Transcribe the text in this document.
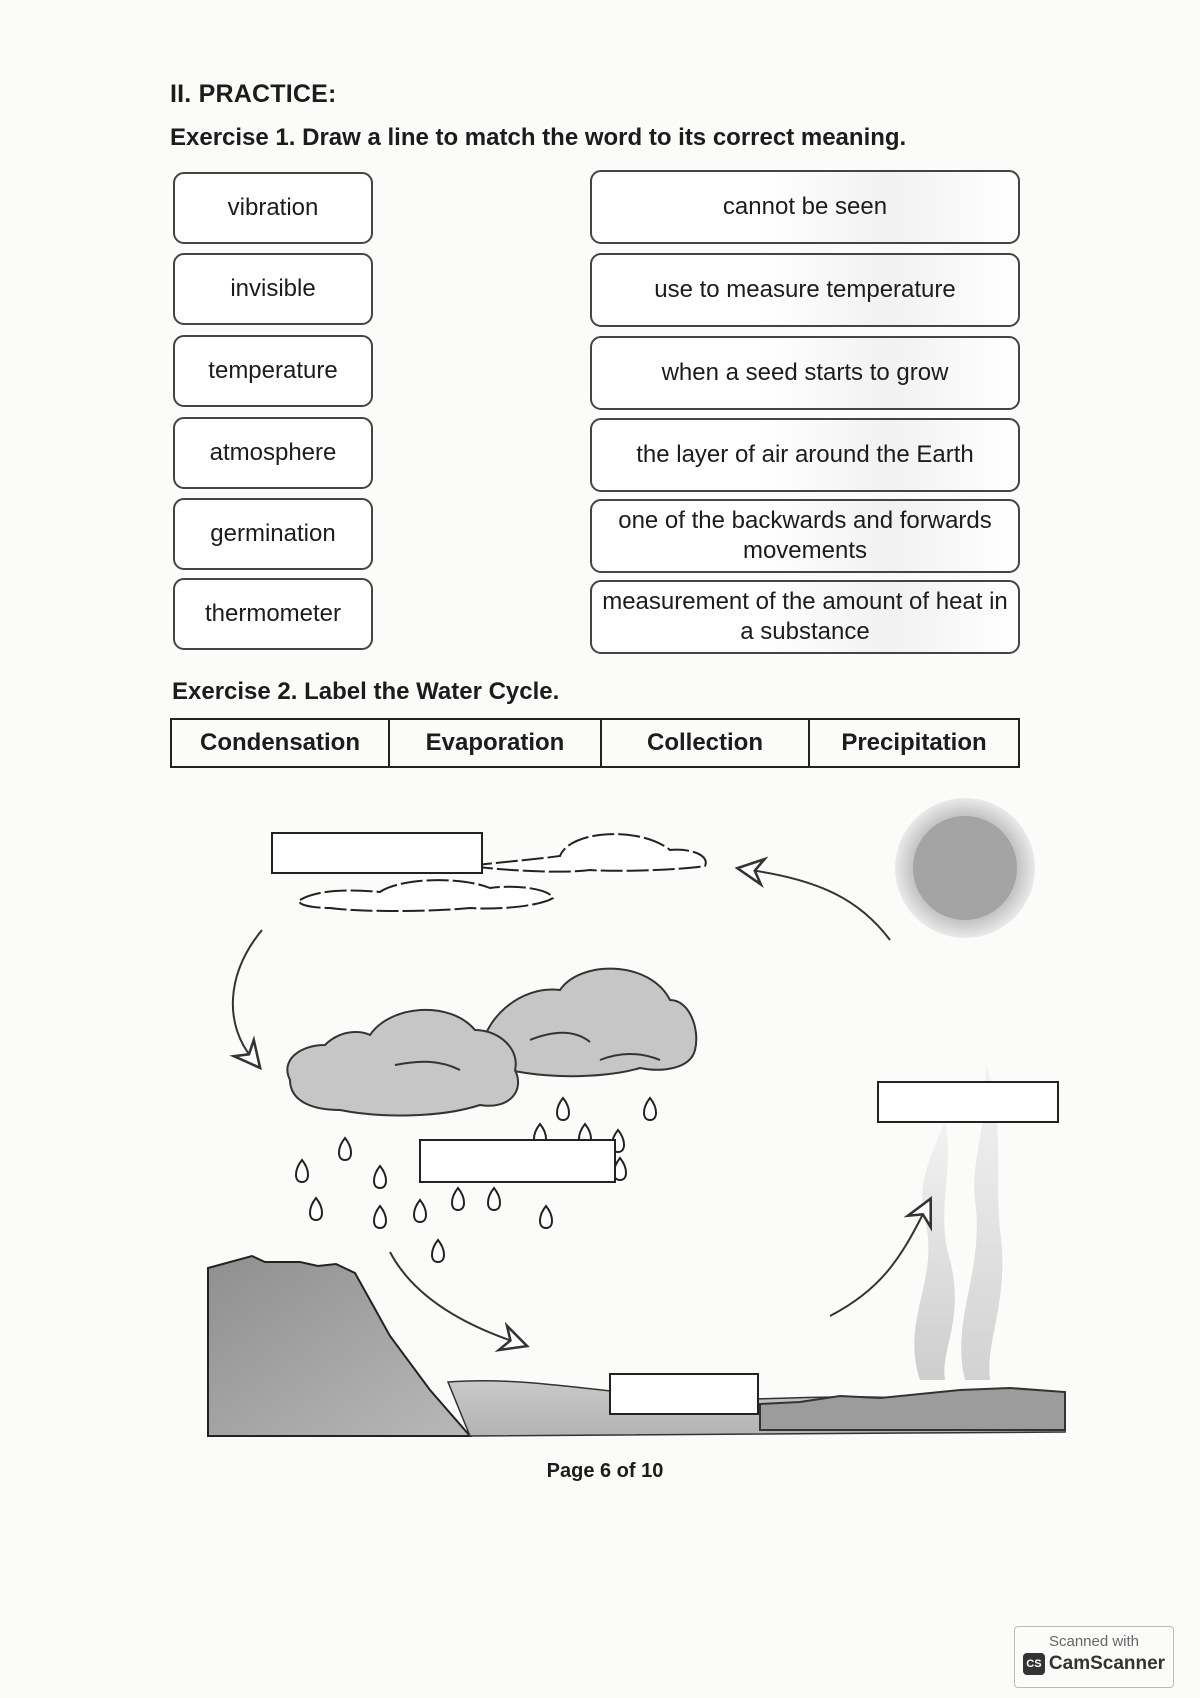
II. PRACTICE:
Exercise 1. Draw a line to match the word to its correct meaning.
vibration
invisible
temperature
atmosphere
germination
thermometer
cannot be seen
use to measure temperature
when a seed starts to grow
the layer of air around the Earth
one of the backwards and forwards movements
measurement of the amount of heat in a substance
Exercise 2. Label the Water Cycle.
Condensation	Evaporation	Collection	Precipitation
Page 6 of 10
Scanned with
CS CamScanner
